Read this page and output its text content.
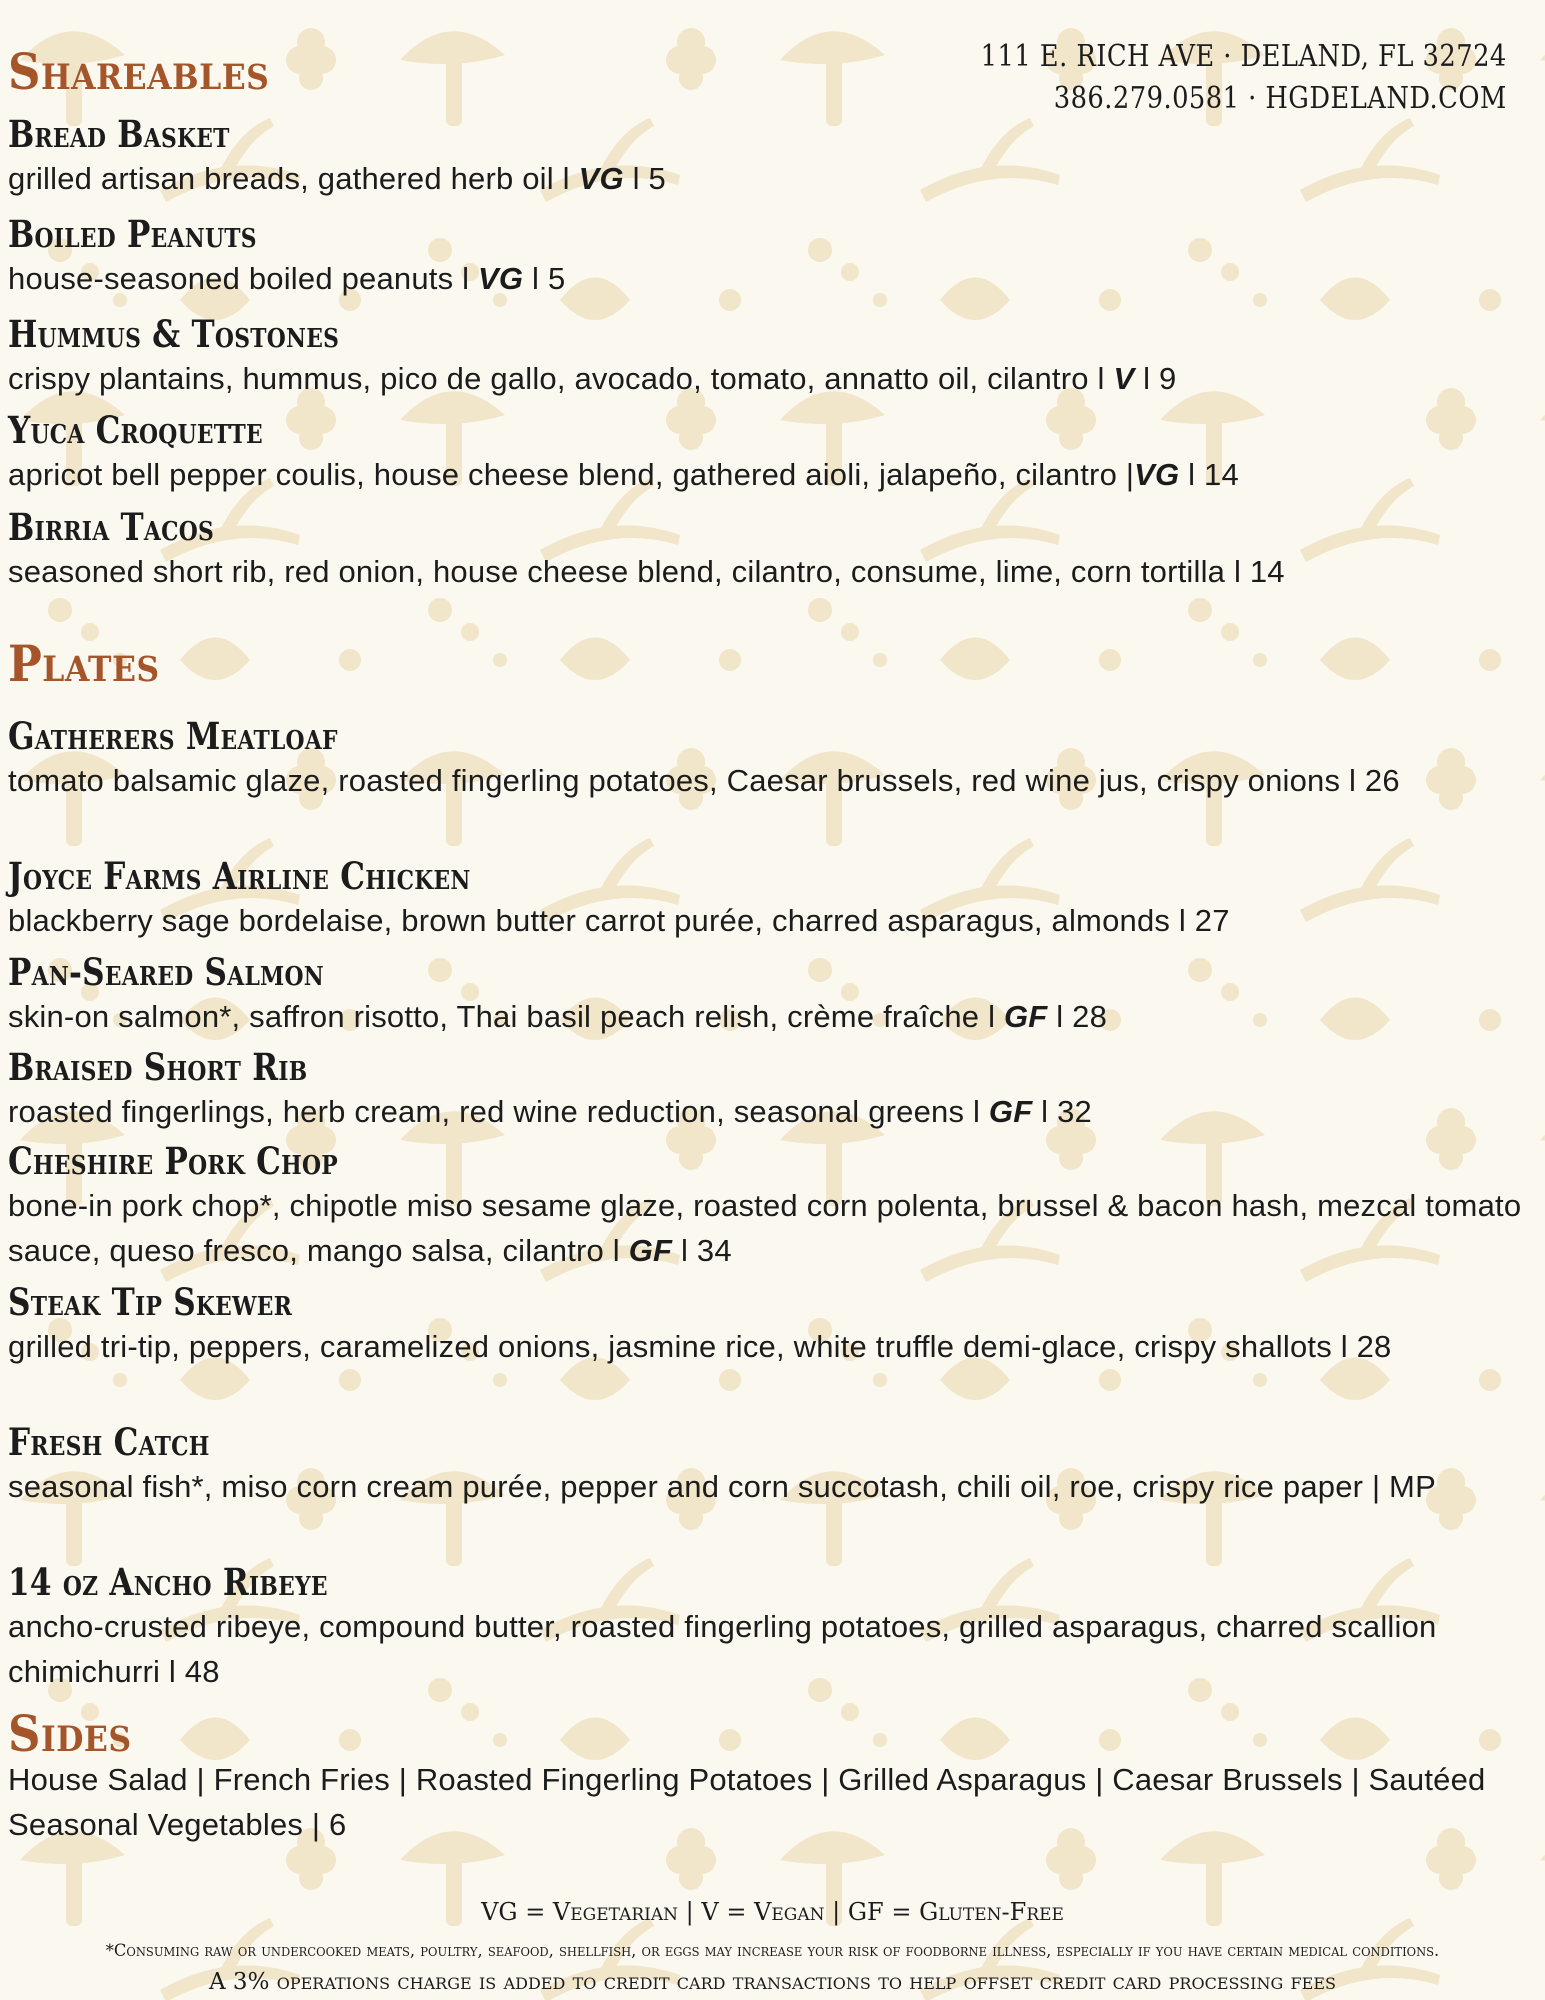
111 E. RICH AVE · DELAND, FL 32724
386.279.0581 · HGDELAND.COM
Shareables
Bread Basket
grilled artisan breads, gathered herb oil l VG l 5
Boiled Peanuts
house-seasoned boiled peanuts l VG l 5
Hummus & Tostones
crispy plantains, hummus, pico de gallo, avocado, tomato, annatto oil, cilantro l V l 9
Yuca Croquette
apricot bell pepper coulis, house cheese blend, gathered aioli, jalapeño, cilantro |VG l 14
Birria Tacos
seasoned short rib, red onion, house cheese blend, cilantro, consume, lime, corn tortilla l 14
Plates
Gatherers Meatloaf
tomato balsamic glaze, roasted fingerling potatoes, Caesar brussels, red wine jus, crispy onions l 26
Joyce Farms Airline Chicken
blackberry sage bordelaise, brown butter carrot purée, charred asparagus, almonds l 27
Pan-Seared Salmon
skin-on salmon*, saffron risotto, Thai basil peach relish, crème fraîche l GF l 28
Braised Short Rib
roasted fingerlings, herb cream, red wine reduction, seasonal greens l GF l 32
Cheshire Pork Chop
bone-in pork chop*, chipotle miso sesame glaze, roasted corn polenta, brussel & bacon hash, mezcal tomato sauce, queso fresco, mango salsa, cilantro l GF l 34
Steak Tip Skewer
grilled tri-tip, peppers, caramelized onions, jasmine rice, white truffle demi-glace, crispy shallots l 28
Fresh Catch
seasonal fish*, miso corn cream purée, pepper and corn succotash, chili oil, roe, crispy rice paper | MP
14 oz Ancho Ribeye
ancho-crusted ribeye, compound butter, roasted fingerling potatoes, grilled asparagus, charred scallion chimichurri l 48
Sides
House Salad | French Fries | Roasted Fingerling Potatoes | Grilled Asparagus | Caesar Brussels | Sautéed Seasonal Vegetables | 6
VG = Vegetarian | V = Vegan | GF = Gluten-Free
*Consuming raw or undercooked meats, poultry, seafood, shellfish, or eggs may increase your risk of foodborne illness, especially if you have certain medical conditions.
A 3% operations charge is added to credit card transactions to help offset credit card processing fees
